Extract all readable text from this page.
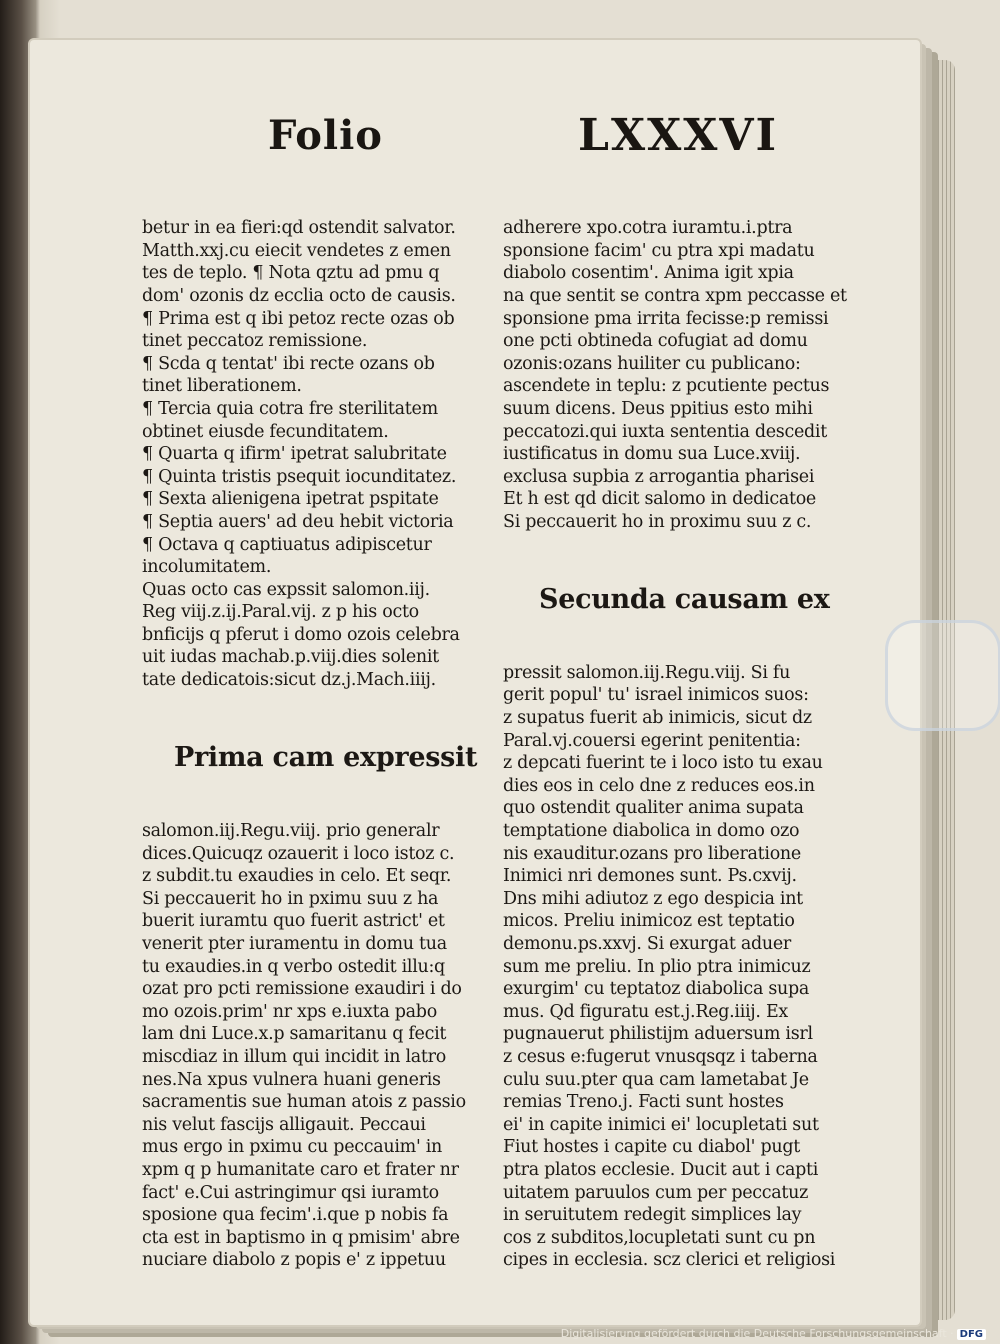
Folio	LXXXVI

betur in ea fieri:qd ostendit salvator.
Matth.xxj.cu eiecit vendetes z emen
tes de teplo. ¶ Nota qztu ad pmu q
dom' ozonis dz ecclia octo de causis.
¶ Prima est q ibi petoz recte ozas ob
tinet peccatoz remissione.
¶ Scda q tentat' ibi recte ozans ob
tinet liberationem.
¶ Tercia quia cotra fre sterilitatem
obtinet eiusde fecunditatem.
¶ Quarta q ifirm' ipetrat salubritate
¶ Quinta tristis psequit iocunditatez.
¶ Sexta alienigena ipetrat pspitate
¶ Septia auers' ad deu hebit victoria
¶ Octava q captiuatus adipiscetur
incolumitatem.
Quas octo cas expssit salomon.iij.
Reg viij.z.ij.Paral.vij. z p his octo
bnficijs q pferut i domo ozois celebra
uit iudas machab.p.viij.dies solenit
tate dedicatois:sicut dz.j.Mach.iiij.

Prima cam expressit

salomon.iij.Regu.viij. prio generalr
dices.Quicuqz ozauerit i loco istoz c.
z subdit.tu exaudies in celo. Et seqr.
Si peccauerit ho in pximu suu z ha
buerit iuramtu quo fuerit astrict' et
venerit pter iuramentu in domu tua
tu exaudies.in q verbo ostedit illu:q
ozat pro pcti remissione exaudiri i do
mo ozois.prim' nr xps e.iuxta pabo
lam dni Luce.x.p samaritanu q fecit
miscdiaz in illum qui incidit in latro
nes.Na xpus vulnera huani generis
sacramentis sue human atois z passio
nis velut fascijs alligauit. Peccaui
mus ergo in pximu cu peccauim' in
xpm q p humanitate caro et frater nr
fact' e.Cui astringimur qsi iuramto
sposione qua fecim'.i.que p nobis fa
cta est in baptismo in q pmisim' abre
nuciare diabolo z popis e' z ippetuu

adherere xpo.cotra iuramtu.i.ptra
sponsione facim' cu ptra xpi madatu
diabolo cosentim'. Anima igit xpia
na que sentit se contra xpm peccasse et
sponsione pma irrita fecisse:p remissi
one pcti obtineda cofugiat ad domu
ozonis:ozans huiliter cu publicano:
ascendete in teplu: z pcutiente pectus
suum dicens. Deus ppitius esto mihi
peccatozi.qui iuxta sententia descedit
iustificatus in domu sua Luce.xviij.
exclusa supbia z arrogantia pharisei
Et h est qd dicit salomo in dedicatoe
Si peccauerit ho in proximu suu z c.

Secunda causam ex

pressit salomon.iij.Regu.viij. Si fu
gerit popul' tu' israel inimicos suos:
z supatus fuerit ab inimicis, sicut dz
Paral.vj.couersi egerint penitentia:
z depcati fuerint te i loco isto tu exau
dies eos in celo dne z reduces eos.in
quo ostendit qualiter anima supata
temptatione diabolica in domo ozo
nis exauditur.ozans pro liberatione
Inimici nri demones sunt. Ps.cxvij.
Dns mihi adiutoz z ego despicia int
micos. Preliu inimicoz est teptatio
demonu.ps.xxvj. Si exurgat aduer
sum me preliu. In plio ptra inimicuz
exurgim' cu teptatoz diabolica supa
mus. Qd figuratu est.j.Reg.iiij. Ex
pugnauerut philistijm aduersum isrl
z cesus e:fugerut vnusqsqz i taberna
culu suu.pter qua cam lametabat Je
remias Treno.j. Facti sunt hostes
ei' in capite inimici ei' locupletati sut
Fiut hostes i capite cu diabol' pugt
ptra platos ecclesie. Ducit aut i capti
uitatem paruulos cum per peccatuz
in seruitutem redegit simplices lay
cos z subditos,locupletati sunt cu pn
cipes in ecclesia. scz clerici et religiosi

Digitalisierung gefördert durch die Deutsche Forschungsgemeinschaft · DFG
